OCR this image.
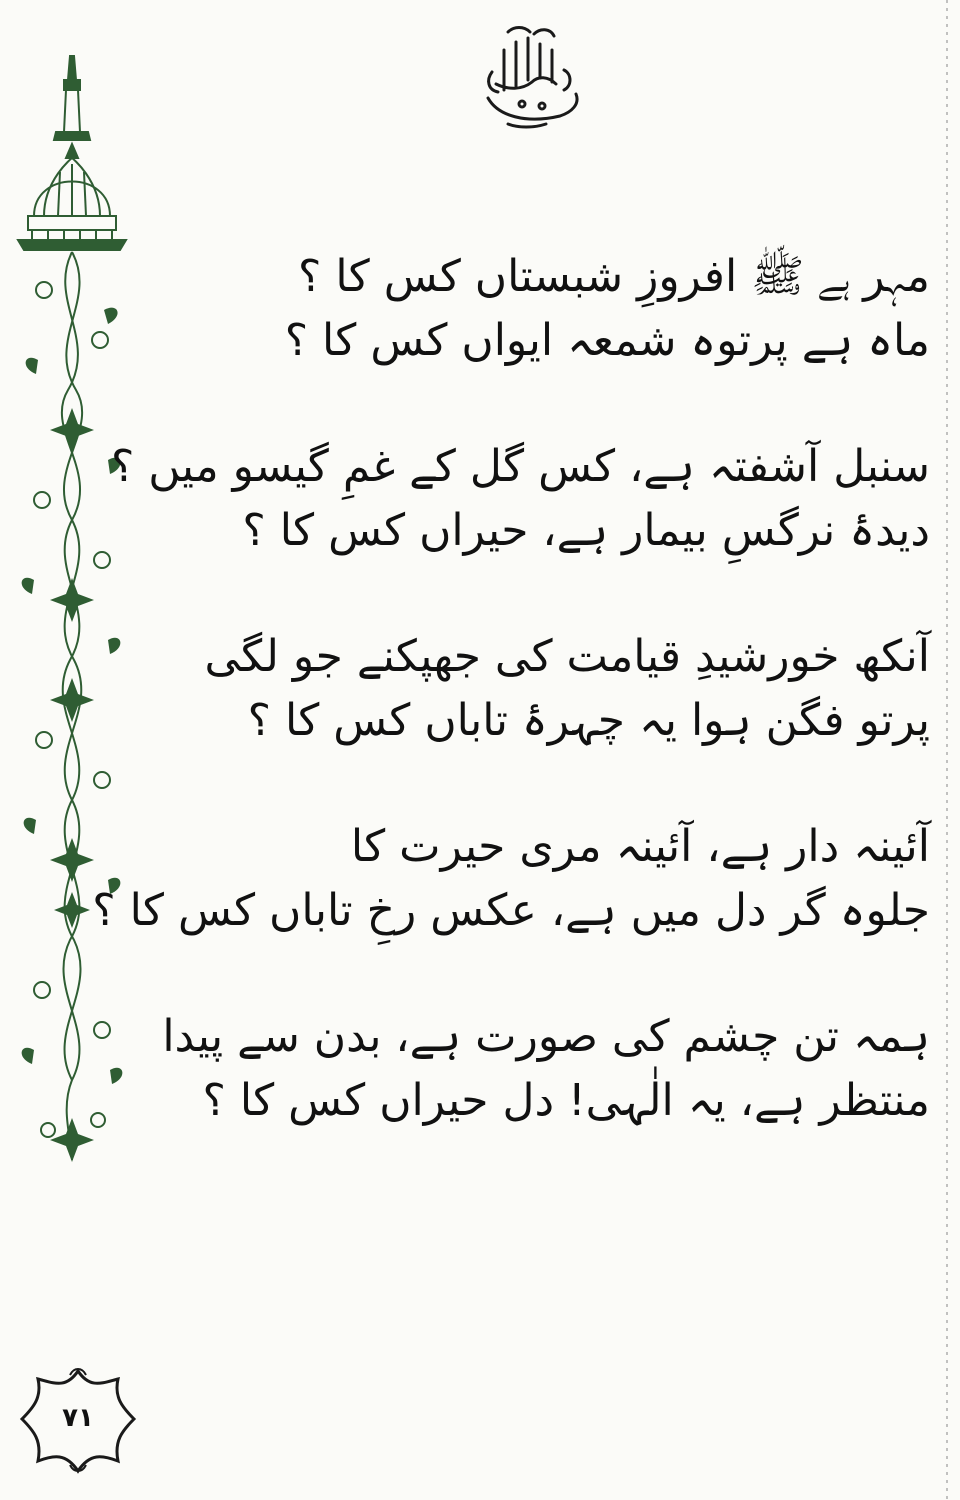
۷۱
مہر ہے ﷺ افروزِ شبستاں کس کا ؟
ماہ ہے پرتوہ شمعہ ایواں کس کا ؟
سنبل آشفتہ ہے، کس گل کے غمِ گیسو میں ؟
دیدۂ نرگسِ بیمار ہے، حیراں کس کا ؟
آنکھ خورشیدِ قیامت کی جھپکنے جو لگی
پرتو فگن ہوا یہ چہرۂ تاباں کس کا ؟
آئینہ دار ہے، آئینہ مری حیرت کا
جلوہ گر دل میں ہے، عکس رخِ تاباں کس کا ؟
ہمہ تن چشم کی صورت ہے، بدن سے پیدا
منتظر ہے، یہ الٰہی! دل حیراں کس کا ؟
